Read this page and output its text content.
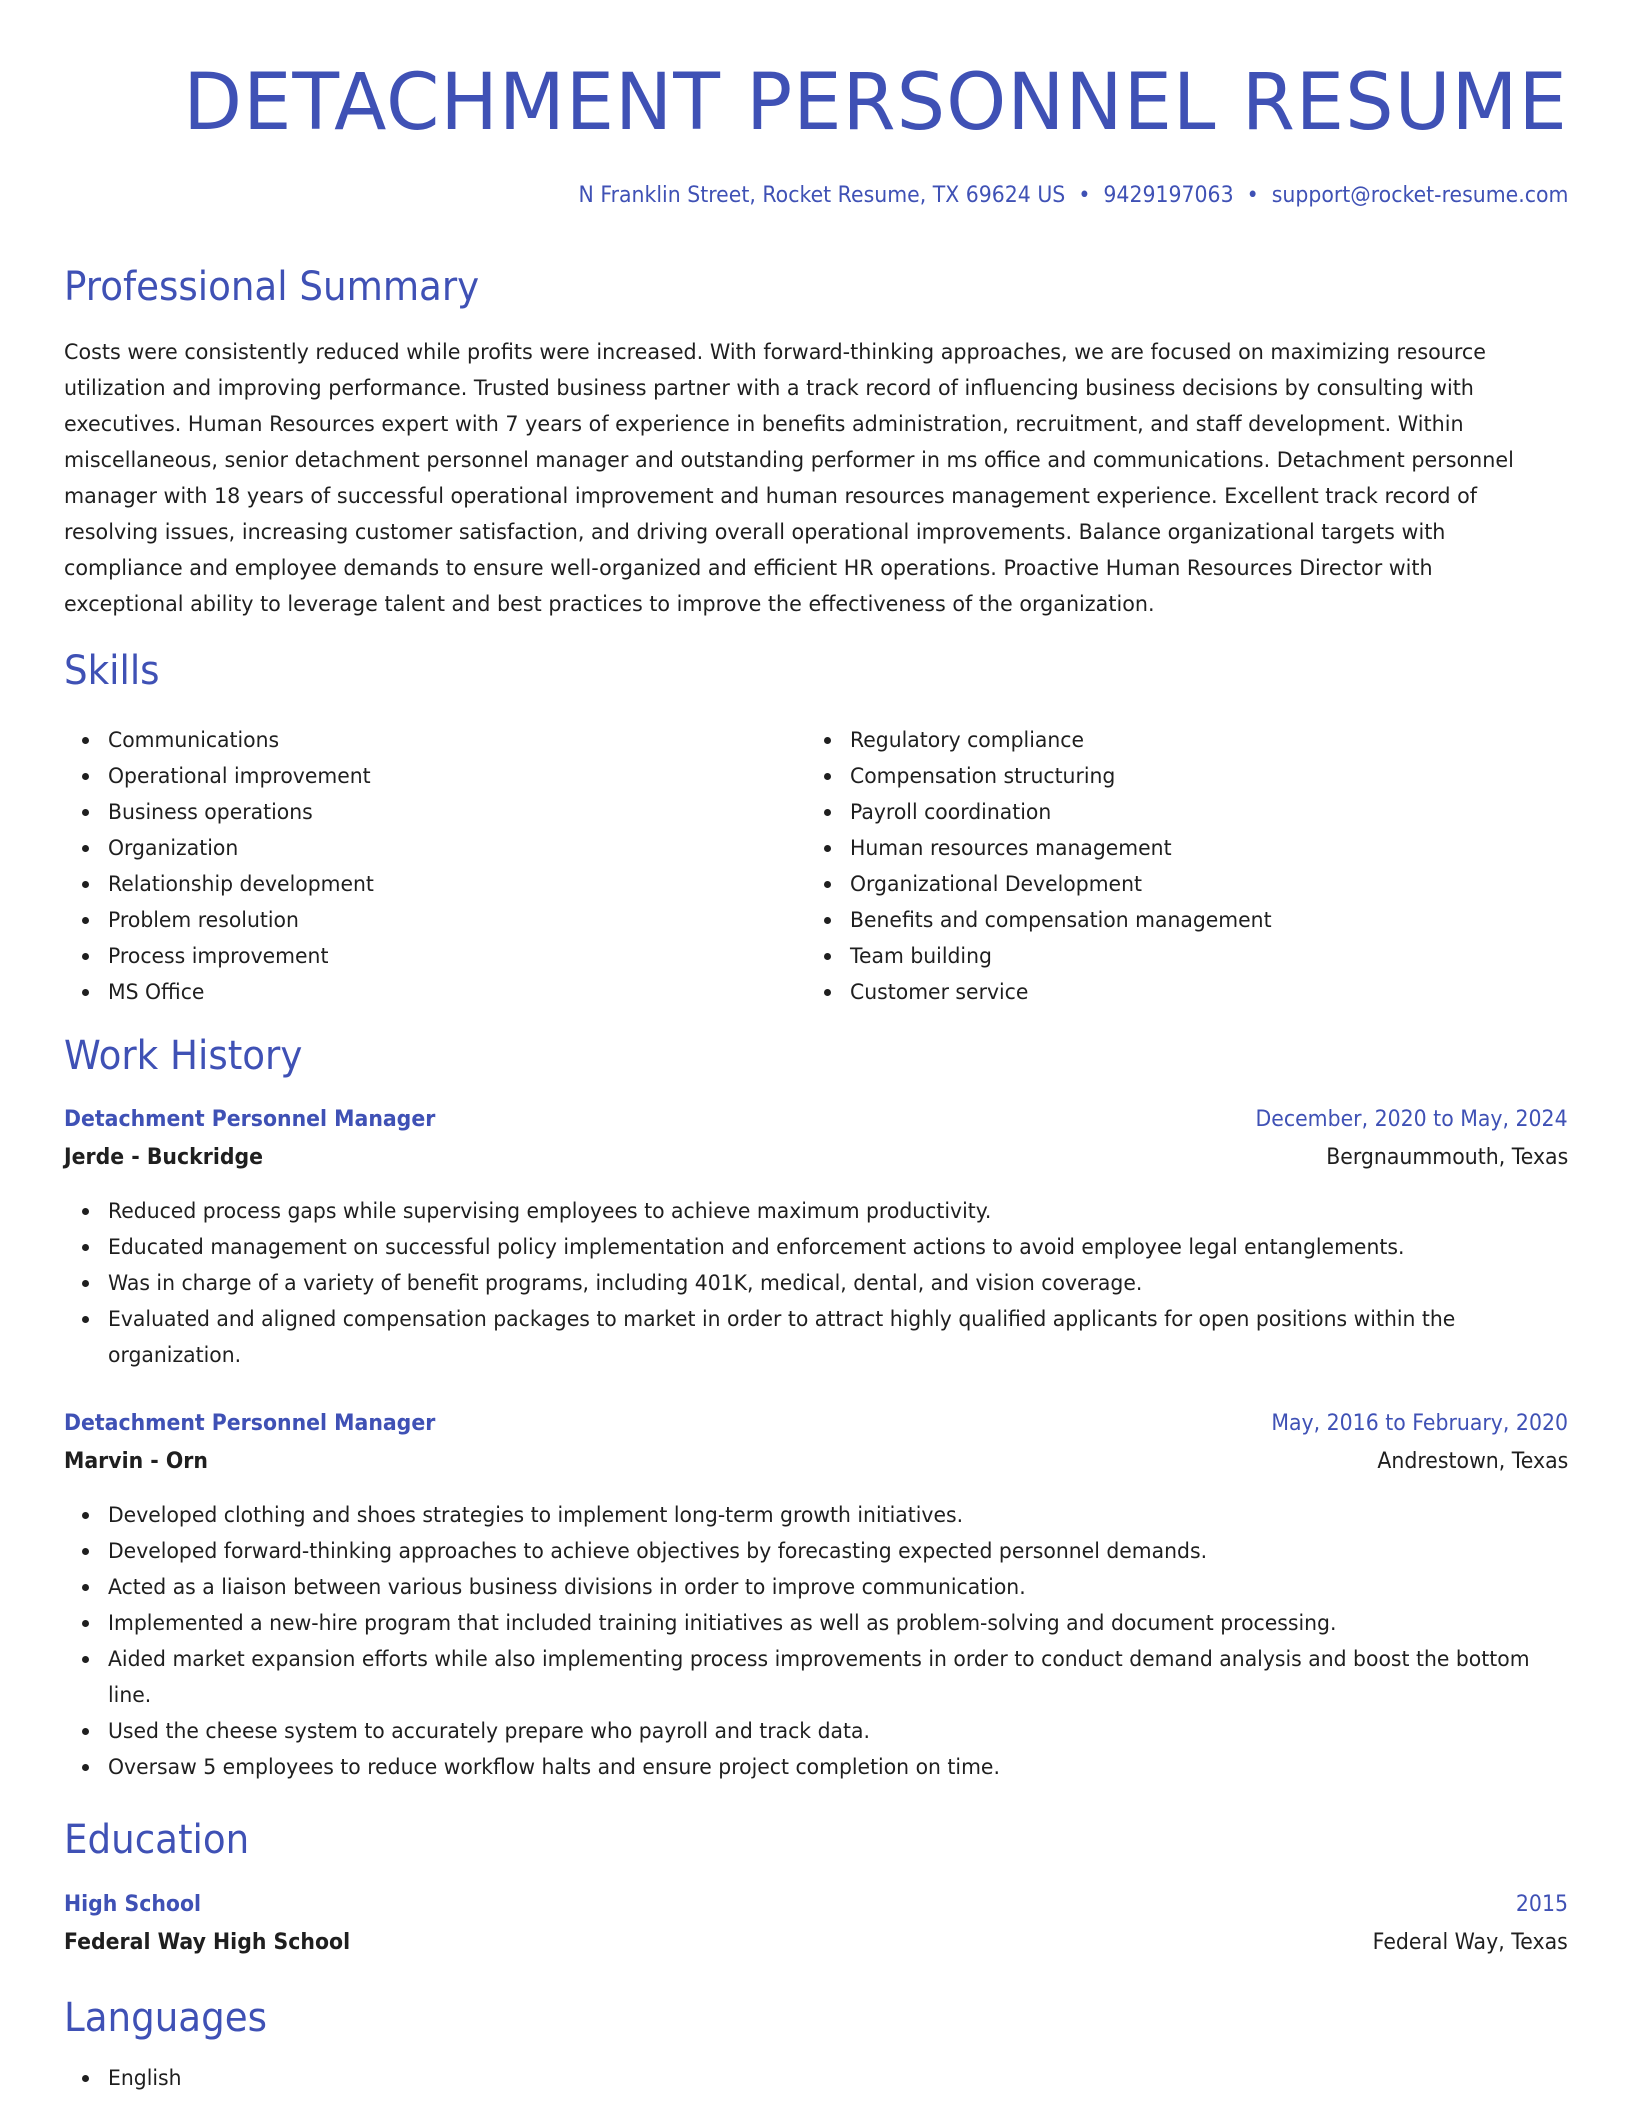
DETACHMENT PERSONNEL RESUME
N Franklin Street, Rocket Resume, TX 69624 US • 9429197063 • support@rocket-resume.com
Professional Summary

Costs were consistently reduced while profits were increased. With forward-thinking approaches, we are focused on maximizing resource utilization and improving performance. Trusted business partner with a track record of influencing business decisions by consulting with executives. Human Resources expert with 7 years of experience in benefits administration, recruitment, and staff development. Within miscellaneous, senior detachment personnel manager and outstanding performer in ms office and communications. Detachment personnel manager with 18 years of successful operational improvement and human resources management experience. Excellent track record of resolving issues, increasing customer satisfaction, and driving overall operational improvements. Balance organizational targets with compliance and employee demands to ensure well-organized and efficient HR operations. Proactive Human Resources Director with exceptional ability to leverage talent and best practices to improve the effectiveness of the organization.

Skills
Communications
Operational improvement
Business operations
Organization
Relationship development
Problem resolution
Process improvement
MS Office
Regulatory compliance
Compensation structuring
Payroll coordination
Human resources management
Organizational Development
Benefits and compensation management
Team building
Customer service
Work History
Detachment Personnel Manager	December, 2020 to May, 2024
Jerde - Buckridge	Bergnaummouth, Texas
Reduced process gaps while supervising employees to achieve maximum productivity.
Educated management on successful policy implementation and enforcement actions to avoid employee legal entanglements.
Was in charge of a variety of benefit programs, including 401K, medical, dental, and vision coverage.
Evaluated and aligned compensation packages to market in order to attract highly qualified applicants for open positions within the organization.
Detachment Personnel Manager	May, 2016 to February, 2020
Marvin - Orn	Andrestown, Texas
Developed clothing and shoes strategies to implement long-term growth initiatives.
Developed forward-thinking approaches to achieve objectives by forecasting expected personnel demands.
Acted as a liaison between various business divisions in order to improve communication.
Implemented a new-hire program that included training initiatives as well as problem-solving and document processing.
Aided market expansion efforts while also implementing process improvements in order to conduct demand analysis and boost the bottom line.
Used the cheese system to accurately prepare who payroll and track data.
Oversaw 5 employees to reduce workflow halts and ensure project completion on time.
Education
High School	2015
Federal Way High School	Federal Way, Texas
Languages
English
